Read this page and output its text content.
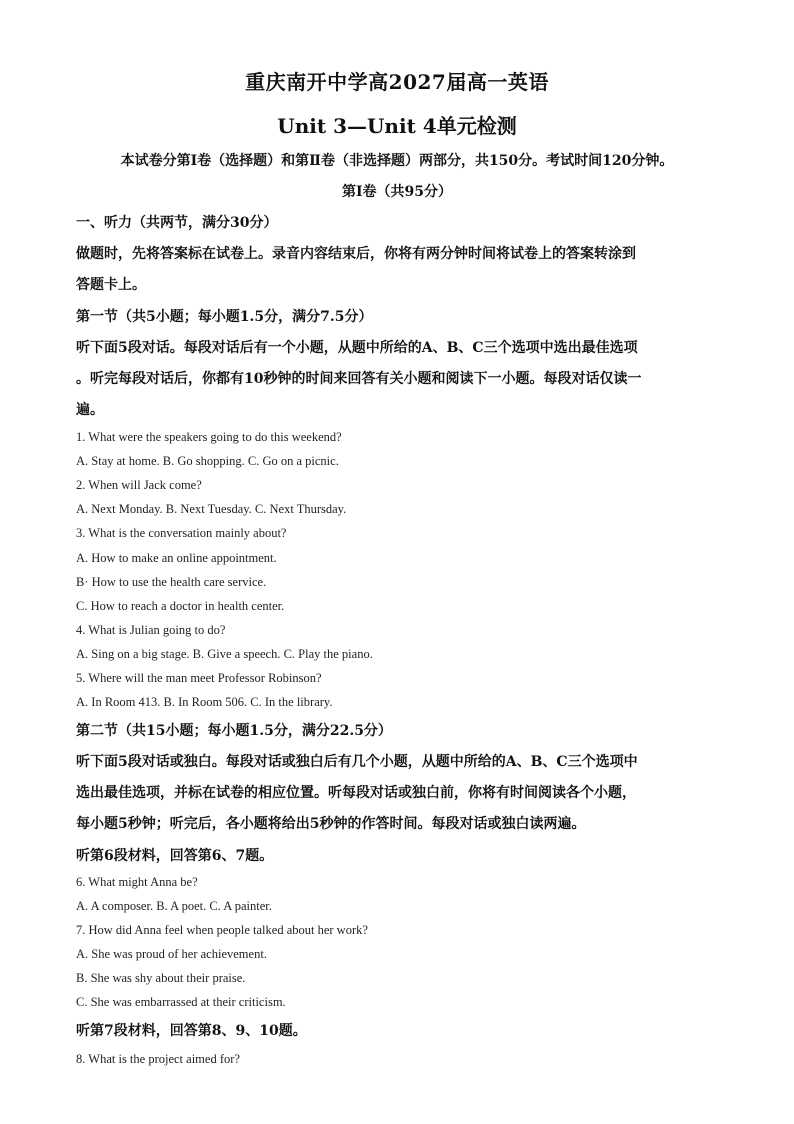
重庆南开中学高2027届高一英语
Unit 3—Unit 4单元检测
本试卷分第Ⅰ卷（选择题）和第Ⅱ卷（非选择题）两部分，共150分。考试时间120分钟。
第Ⅰ卷（共95分）
一、听力（共两节，满分30分）
做题时，先将答案标在试卷上。录音内容结束后，你将有两分钟时间将试卷上的答案转涂到
答题卡上。
第一节（共5小题；每小题1.5分，满分7.5分）
听下面5段对话。每段对话后有一个小题，从题中所给的A、B、C三个选项中选出最佳选项
。听完每段对话后，你都有10秒钟的时间来回答有关小题和阅读下一小题。每段对话仅读一
遍。
1. What were the speakers going to do this weekend?
A. Stay at home. B. Go shopping. C. Go on a picnic.
2. When will Jack come?
A. Next Monday. B. Next Tuesday. C. Next Thursday.
3. What is the conversation mainly about?
A. How to make an online appointment.
B· How to use the health care service.
C. How to reach a doctor in health center.
4. What is Julian going to do?
A. Sing on a big stage. B. Give a speech. C. Play the piano.
5. Where will the man meet Professor Robinson?
A. In Room 413. B. In Room 506. C. In the library.
第二节（共15小题；每小题1.5分，满分22.5分）
听下面5段对话或独白。每段对话或独白后有几个小题，从题中所给的A、B、C三个选项中
选出最佳选项，并标在试卷的相应位置。听每段对话或独白前，你将有时间阅读各个小题，
每小题5秒钟；听完后，各小题将给出5秒钟的作答时间。每段对话或独白读两遍。
听第6段材料，回答第6、7题。
6. What might Anna be?
A. A composer. B. A poet. C. A painter.
7. How did Anna feel when people talked about her work?
A. She was proud of her achievement.
B. She was shy about their praise.
C. She was embarrassed at their criticism.
听第7段材料，回答第8、9、10题。
8. What is the project aimed for?
